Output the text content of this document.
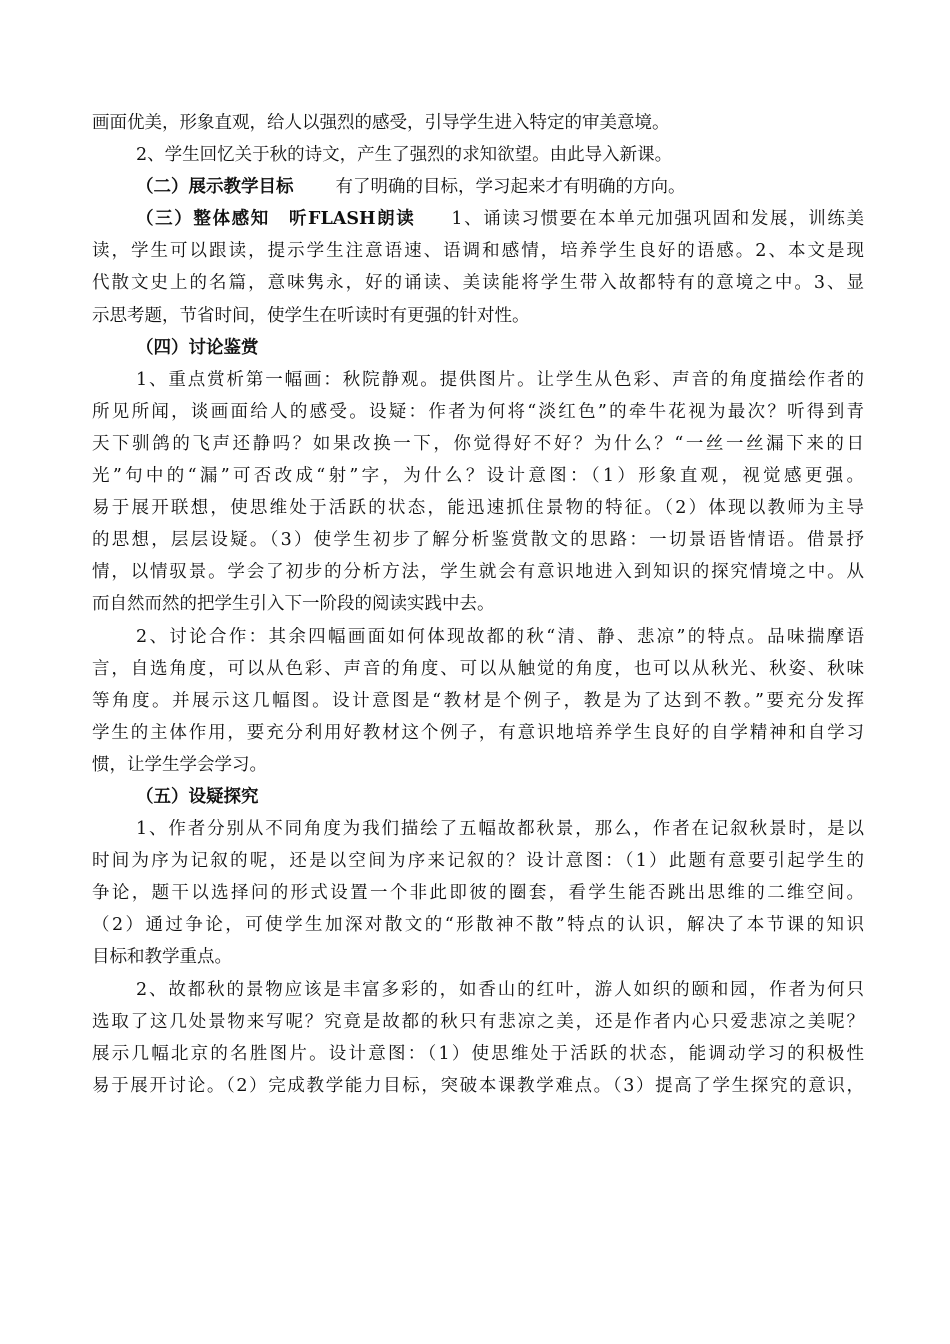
画面优美，形象直观，给人以强烈的感受，引导学生进入特定的审美意境。
2、学生回忆关于秋的诗文，产生了强烈的求知欲望。由此导入新课。
（二）展示教学目标 有了明确的目标，学习起来才有明确的方向。
（三）整体感知　听FLASH朗读 1、诵读习惯要在本单元加强巩固和发展，训练美
读，学生可以跟读，提示学生注意语速、语调和感情，培养学生良好的语感。2、本文是现
代散文史上的名篇，意味隽永，好的诵读、美读能将学生带入故都特有的意境之中。3、显
示思考题，节省时间，使学生在听读时有更强的针对性。
（四）讨论鉴赏
1、重点赏析第一幅画：秋院静观。提供图片。让学生从色彩、声音的角度描绘作者的
所见所闻，谈画面给人的感受。设疑：作者为何将“淡红色”的牵牛花视为最次？听得到青
天下驯鸽的飞声还静吗？如果改换一下，你觉得好不好？为什么？“一丝一丝漏下来的日
光”句中的“漏”可否改成“射”字，为什么？设计意图：（1）形象直观，视觉感更强。
易于展开联想，使思维处于活跃的状态，能迅速抓住景物的特征。（2）体现以教师为主导
的思想，层层设疑。（3）使学生初步了解分析鉴赏散文的思路：一切景语皆情语。借景抒
情，以情驭景。学会了初步的分析方法，学生就会有意识地进入到知识的探究情境之中。从
而自然而然的把学生引入下一阶段的阅读实践中去。
2、讨论合作：其余四幅画面如何体现故都的秋“清、静、悲凉”的特点。品味揣摩语
言，自选角度，可以从色彩、声音的角度、可以从触觉的角度，也可以从秋光、秋姿、秋味
等角度。并展示这几幅图。设计意图是“教材是个例子，教是为了达到不教。”要充分发挥
学生的主体作用，要充分利用好教材这个例子，有意识地培养学生良好的自学精神和自学习
惯，让学生学会学习。
（五）设疑探究
1、作者分别从不同角度为我们描绘了五幅故都秋景，那么，作者在记叙秋景时，是以
时间为序为记叙的呢，还是以空间为序来记叙的？设计意图：（1）此题有意要引起学生的
争论，题干以选择问的形式设置一个非此即彼的圈套，看学生能否跳出思维的二维空间。
（2）通过争论，可使学生加深对散文的“形散神不散”特点的认识，解决了本节课的知识
目标和教学重点。
2、故都秋的景物应该是丰富多彩的，如香山的红叶，游人如织的颐和园，作者为何只
选取了这几处景物来写呢？究竟是故都的秋只有悲凉之美，还是作者内心只爱悲凉之美呢？
展示几幅北京的名胜图片。设计意图：（1）使思维处于活跃的状态，能调动学习的积极性
易于展开讨论。（2）完成教学能力目标，突破本课教学难点。（3）提高了学生探究的意识，
